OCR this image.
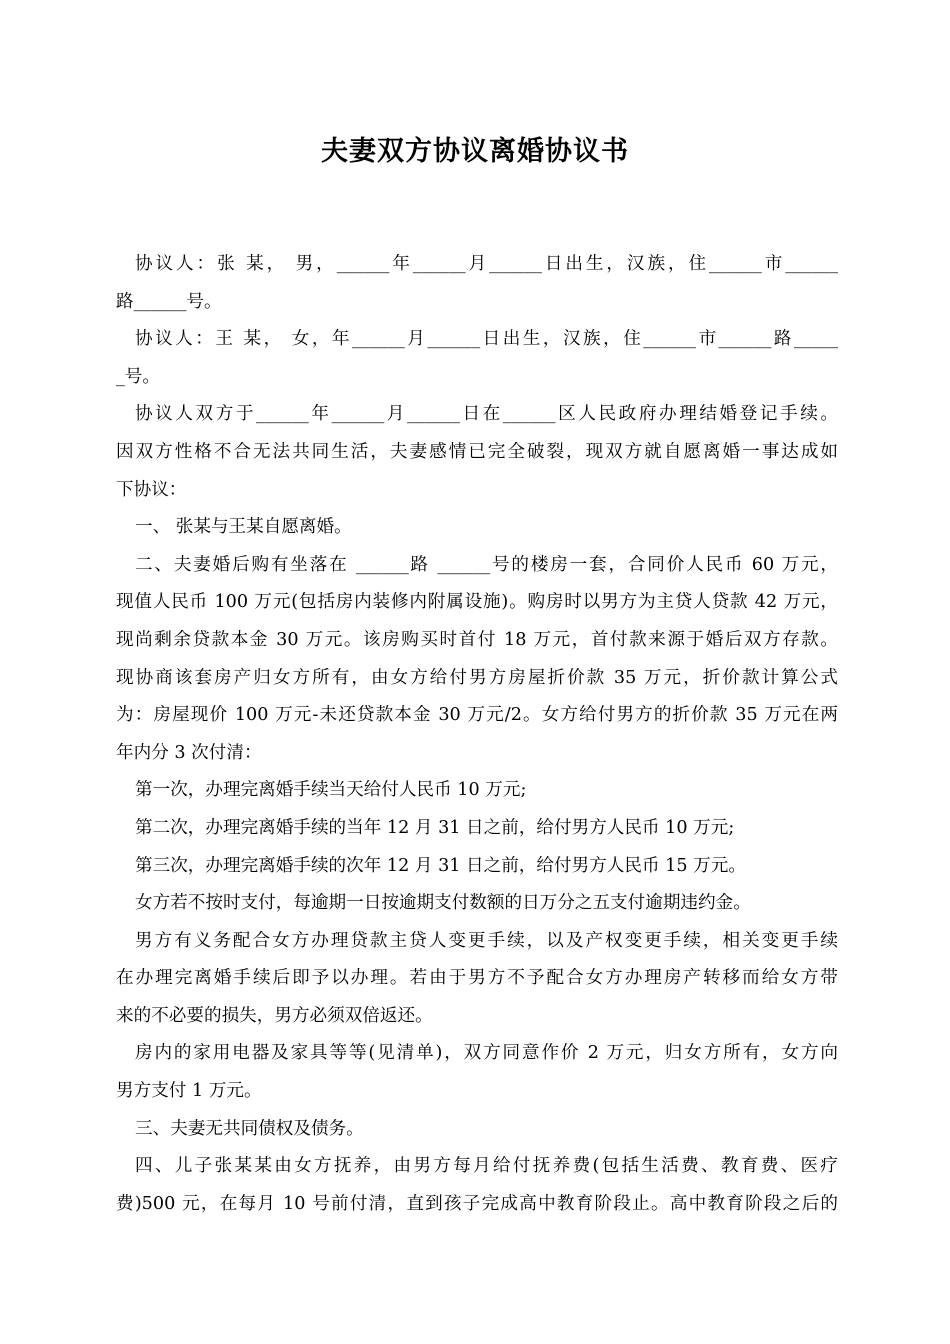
夫妻双方协议离婚协议书
协议人：张 某， 男，______年______月______日出生，汉族，住______市______
路______号。
协议人：王 某， 女，年______月______日出生，汉族，住______市______路_____
_号。
协议人双方于______年______月______日在______区人民政府办理结婚登记手续。
因双方性格不合无法共同生活，夫妻感情已完全破裂，现双方就自愿离婚一事达成如
下协议：
一、 张某与王某自愿离婚。
二、夫妻婚后购有坐落在 ______路 ______号的楼房一套，合同价人民币 60 万元，
现值人民币 100 万元(包括房内装修内附属设施)。购房时以男方为主贷人贷款 42 万元，
现尚剩余贷款本金 30 万元。该房购买时首付 18 万元，首付款来源于婚后双方存款。
现协商该套房产归女方所有，由女方给付男方房屋折价款 35 万元，折价款计算公式
为：房屋现价 100 万元-未还贷款本金 30 万元/2。女方给付男方的折价款 35 万元在两
年内分 3 次付清：
第一次，办理完离婚手续当天给付人民币 10 万元;
第二次，办理完离婚手续的当年 12 月 31 日之前，给付男方人民币 10 万元;
第三次，办理完离婚手续的次年 12 月 31 日之前，给付男方人民币 15 万元。
女方若不按时支付，每逾期一日按逾期支付数额的日万分之五支付逾期违约金。
男方有义务配合女方办理贷款主贷人变更手续，以及产权变更手续，相关变更手续
在办理完离婚手续后即予以办理。若由于男方不予配合女方办理房产转移而给女方带
来的不必要的损失，男方必须双倍返还。
房内的家用电器及家具等等(见清单)，双方同意作价 2 万元，归女方所有，女方向
男方支付 1 万元。
三、夫妻无共同债权及债务。
四、儿子张某某由女方抚养，由男方每月给付抚养费(包括生活费、教育费、医疗
费)500 元，在每月 10 号前付清，直到孩子完成高中教育阶段止。高中教育阶段之后的
